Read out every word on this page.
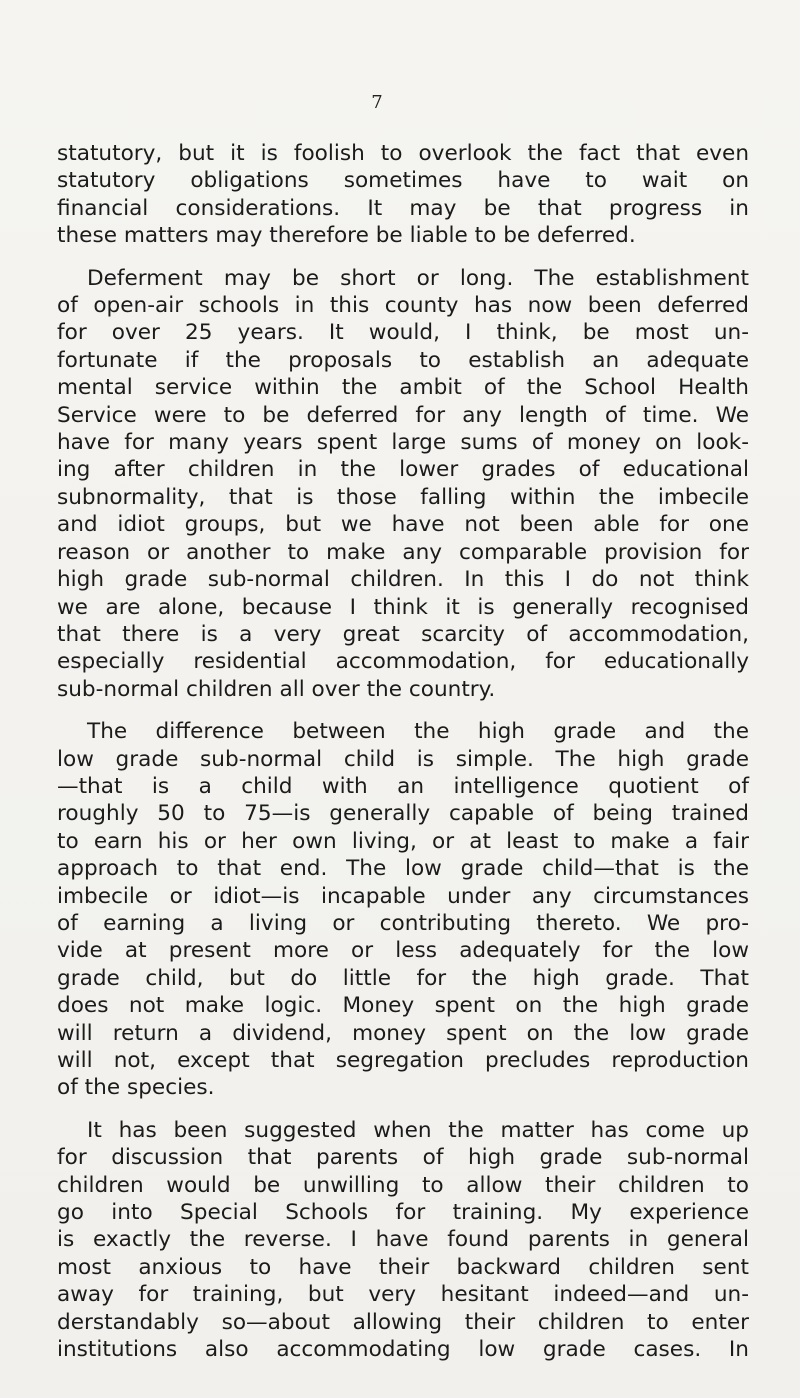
7
statutory, but it is foolish to overlook the fact that even
statutory obligations sometimes have to wait on
financial considerations. It may be that progress in
these matters may therefore be liable to be deferred.
Deferment may be short or long. The establishment
of open-air schools in this county has now been deferred
for over 25 years. It would, I think, be most un-
fortunate if the proposals to establish an adequate
mental service within the ambit of the School Health
Service were to be deferred for any length of time. We
have for many years spent large sums of money on look-
ing after children in the lower grades of educational
subnormality, that is those falling within the imbecile
and idiot groups, but we have not been able for one
reason or another to make any comparable provision for
high grade sub-normal children. In this I do not think
we are alone, because I think it is generally recognised
that there is a very great scarcity of accommodation,
especially residential accommodation, for educationally
sub-normal children all over the country.
The difference between the high grade and the
low grade sub-normal child is simple. The high grade
—that is a child with an intelligence quotient of
roughly 50 to 75—is generally capable of being trained
to earn his or her own living, or at least to make a fair
approach to that end. The low grade child—that is the
imbecile or idiot—is incapable under any circumstances
of earning a living or contributing thereto. We pro-
vide at present more or less adequately for the low
grade child, but do little for the high grade. That
does not make logic. Money spent on the high grade
will return a dividend, money spent on the low grade
will not, except that segregation precludes reproduction
of the species.
It has been suggested when the matter has come up
for discussion that parents of high grade sub-normal
children would be unwilling to allow their children to
go into Special Schools for training. My experience
is exactly the reverse. I have found parents in general
most anxious to have their backward children sent
away for training, but very hesitant indeed—and un-
derstandably so—about allowing their children to enter
institutions also accommodating low grade cases. In
